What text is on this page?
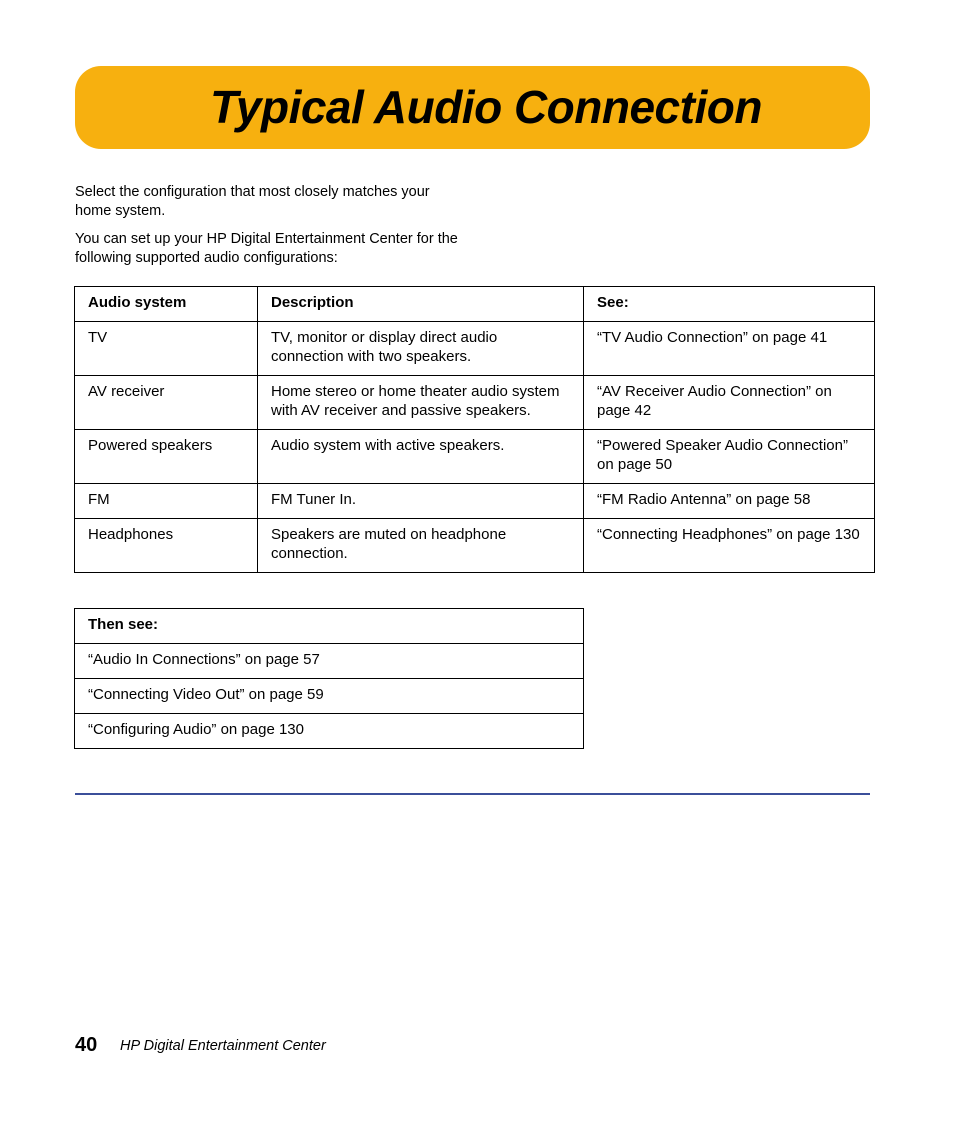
Typical Audio Connection

Select the configuration that most closely matches your home system.

You can set up your HP Digital Entertainment Center for the following supported audio configurations:

Audio system	Description	See:
TV	TV, monitor or display direct audio connection with two speakers.	“TV Audio Connection” on page 41
AV receiver	Home stereo or home theater audio system with AV receiver and passive speakers.	“AV Receiver Audio Connection” on page 42
Powered speakers	Audio system with active speakers.	“Powered Speaker Audio Connection” on page 50
FM	FM Tuner In.	“FM Radio Antenna” on page 58
Headphones	Speakers are muted on headphone connection.	“Connecting Headphones” on page 130
Then see:
“Audio In Connections” on page 57
“Connecting Video Out” on page 59
“Configuring Audio” on page 130
40 HP Digital Entertainment Center
